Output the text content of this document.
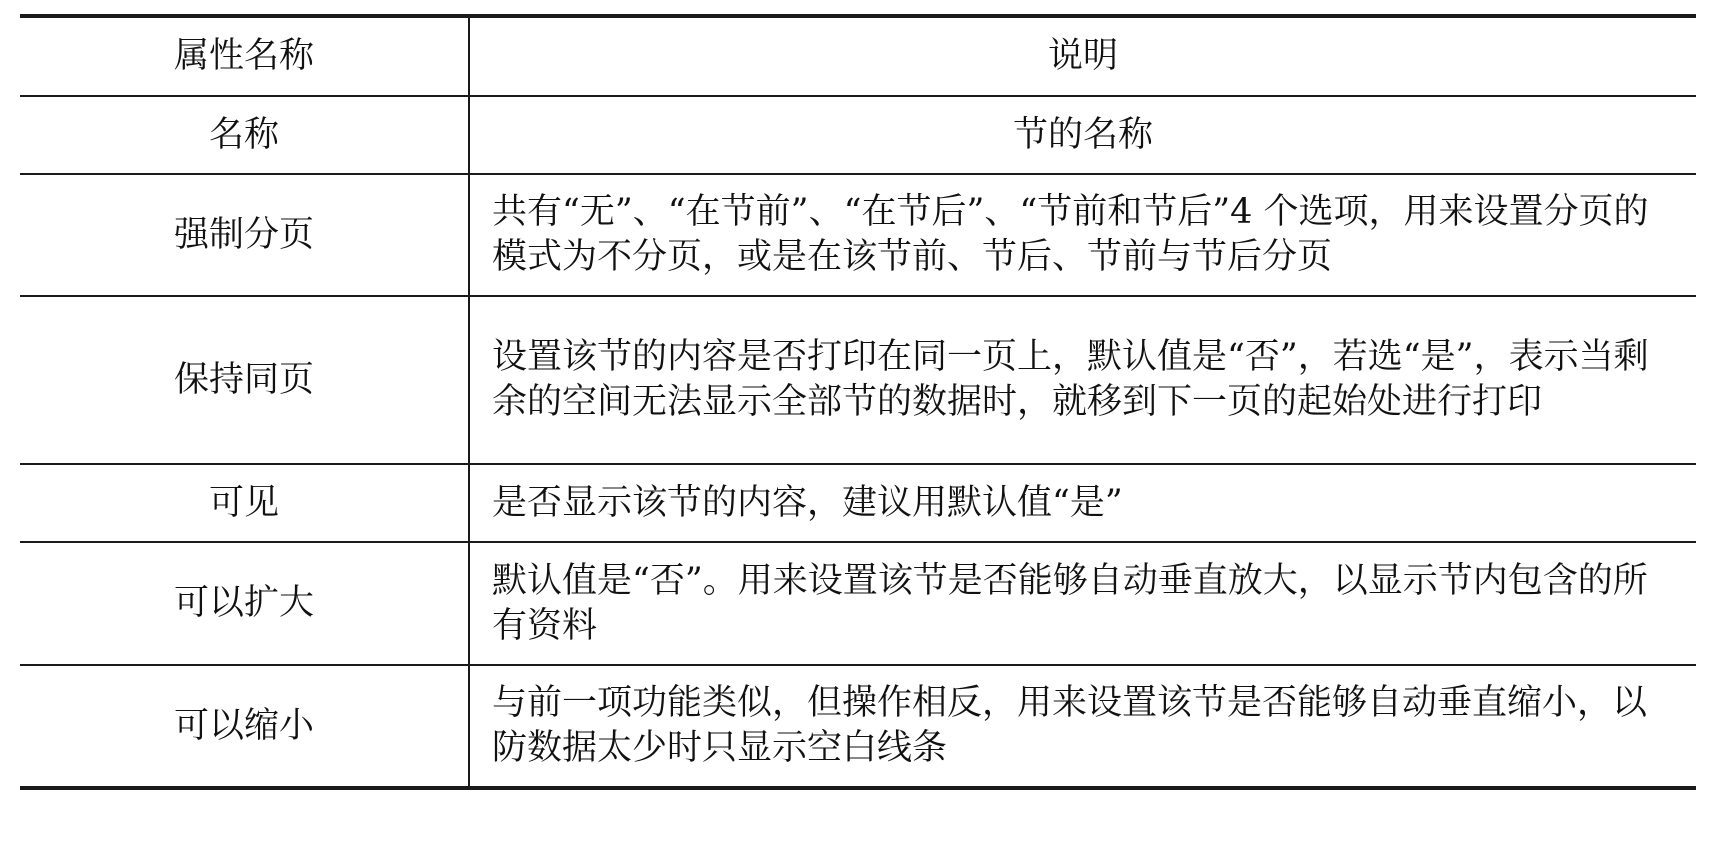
属性名称	说明
名称	节的名称
强制分页	共有“无”、“在节前”、“在节后”、“节前和节后”4 个选项，用来设置分页的模式为不分页，或是在该节前、节后、节前与节后分页
保持同页	设置该节的内容是否打印在同一页上，默认值是“否”，若选“是”，表示当剩余的空间无法显示全部节的数据时，就移到下一页的起始处进行打印
可见	是否显示该节的内容，建议用默认值“是”
可以扩大	默认值是“否”。用来设置该节是否能够自动垂直放大，以显示节内包含的所有资料
可以缩小	与前一项功能类似，但操作相反，用来设置该节是否能够自动垂直缩小，以防数据太少时只显示空白线条
